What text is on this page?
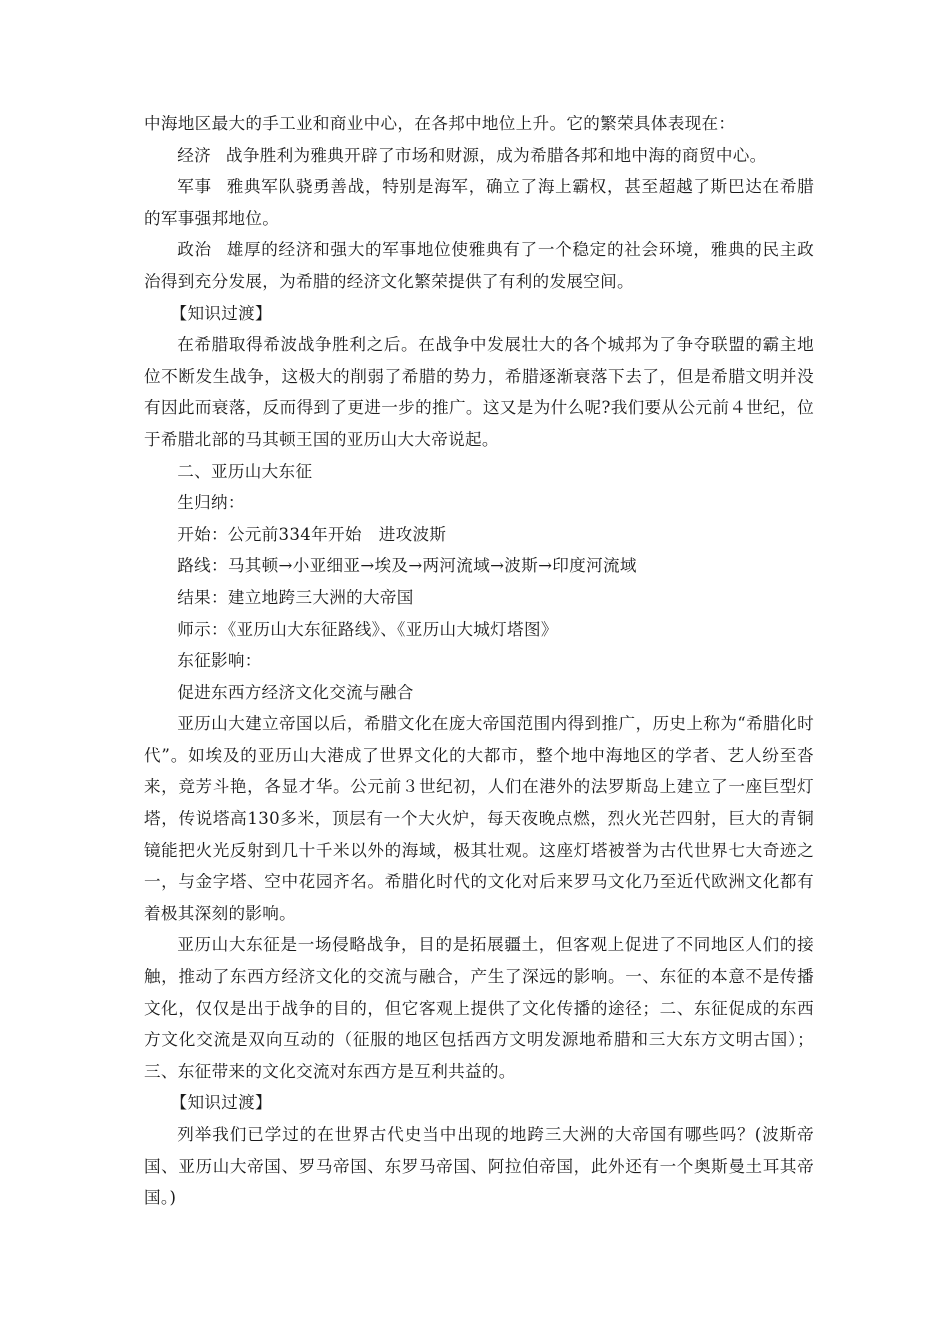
中海地区最大的手工业和商业中心，在各邦中地位上升。它的繁荣具体表现在：

经济 战争胜利为雅典开辟了市场和财源，成为希腊各邦和地中海的商贸中心。

军事 雅典军队骁勇善战，特别是海军，确立了海上霸权，甚至超越了斯巴达在希腊的军事强邦地位。

政治 雄厚的经济和强大的军事地位使雅典有了一个稳定的社会环境，雅典的民主政治得到充分发展，为希腊的经济文化繁荣提供了有利的发展空间。

【知识过渡】

在希腊取得希波战争胜利之后。在战争中发展壮大的各个城邦为了争夺联盟的霸主地位不断发生战争，这极大的削弱了希腊的势力，希腊逐渐衰落下去了，但是希腊文明并没有因此而衰落，反而得到了更进一步的推广。这又是为什么呢?我们要从公元前４世纪，位于希腊北部的马其顿王国的亚历山大大帝说起。

二、亚历山大东征

生归纳：

开始：公元前334年开始　进攻波斯

路线：马其顿→小亚细亚→埃及→两河流域→波斯→印度河流域

结果：建立地跨三大洲的大帝国

师示：《亚历山大东征路线》、《亚历山大城灯塔图》

东征影响：

促进东西方经济文化交流与融合

亚历山大建立帝国以后，希腊文化在庞大帝国范围内得到推广，历史上称为“希腊化时代”。如埃及的亚历山大港成了世界文化的大都市，整个地中海地区的学者、艺人纷至沓来，竞芳斗艳，各显才华。公元前３世纪初，人们在港外的法罗斯岛上建立了一座巨型灯塔，传说塔高130多米，顶层有一个大火炉，每天夜晚点燃，烈火光芒四射，巨大的青铜镜能把火光反射到几十千米以外的海域，极其壮观。这座灯塔被誉为古代世界七大奇迹之一，与金字塔、空中花园齐名。希腊化时代的文化对后来罗马文化乃至近代欧洲文化都有着极其深刻的影响。

亚历山大东征是一场侵略战争，目的是拓展疆土，但客观上促进了不同地区人们的接触，推动了东西方经济文化的交流与融合，产生了深远的影响。一、东征的本意不是传播文化，仅仅是出于战争的目的，但它客观上提供了文化传播的途径；二、东征促成的东西方文化交流是双向互动的（征服的地区包括西方文明发源地希腊和三大东方文明古国）；三、东征带来的文化交流对东西方是互利共益的。

【知识过渡】

列举我们已学过的在世界古代史当中出现的地跨三大洲的大帝国有哪些吗？(波斯帝国、亚历山大帝国、罗马帝国、东罗马帝国、阿拉伯帝国，此外还有一个奥斯曼土耳其帝国。)
